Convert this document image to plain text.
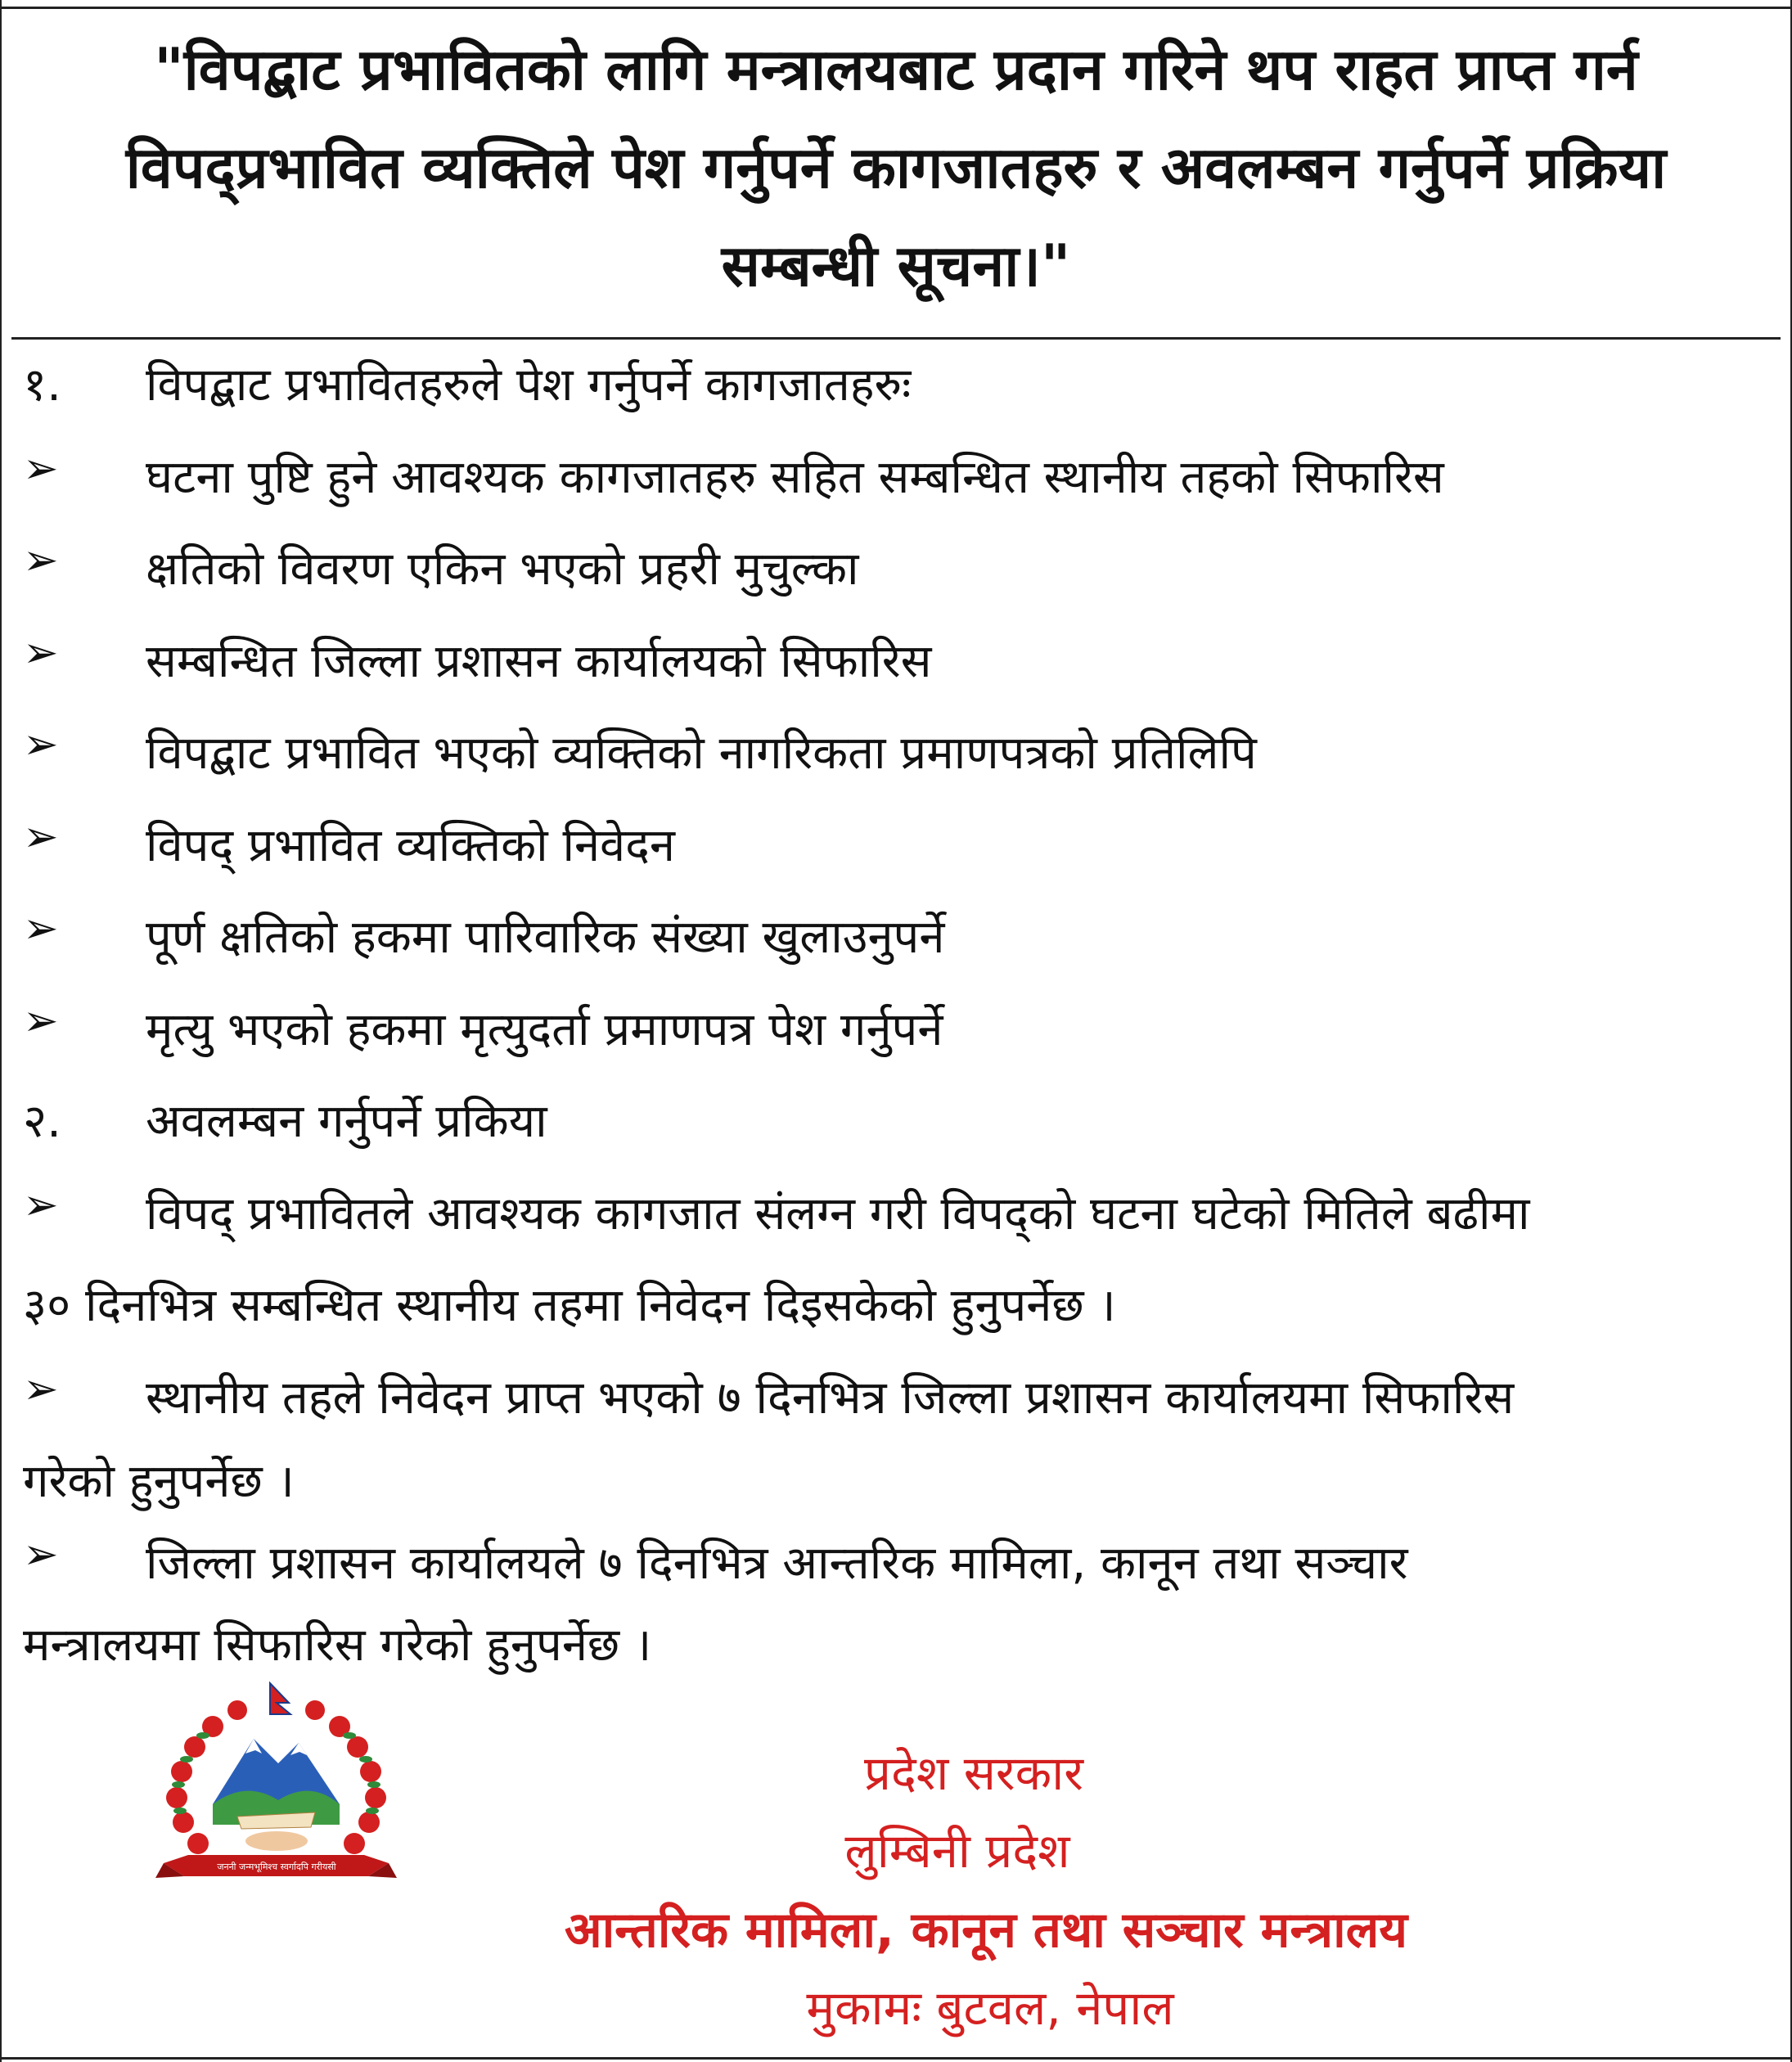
"विपद्बाट प्रभावितको लागि मन्त्रालयबाट प्रदान गरिने थप राहत प्राप्त गर्न
विपद्प्रभावित व्यक्तिले पेश गर्नुपर्ने कागजातहरु र अवलम्बन गर्नुपर्ने प्रक्रिया
सम्बन्धी सूचना।"
१.	विपद्बाट प्रभावितहरुले पेश गर्नुपर्ने कागजातहरुः
➢	घटना पुष्टि हुने आवश्यक कागजातहरु सहित सम्बन्धित स्थानीय तहको सिफारिस
➢	क्षतिको विवरण एकिन भएको प्रहरी मुचुल्का
➢	सम्बन्धित जिल्ला प्रशासन कार्यालयको सिफारिस
➢	विपद्बाट प्रभावित भएको व्यक्तिको नागरिकता प्रमाणपत्रको प्रतिलिपि
➢	विपद् प्रभावित व्यक्तिको निवेदन
➢	पूर्ण क्षतिको हकमा पारिवारिक संख्या खुलाउनुपर्ने
➢	मृत्यु भएको हकमा मृत्युदर्ता प्रमाणपत्र पेश गर्नुपर्ने
२.	अवलम्बन गर्नुपर्ने प्रकिया
➢	विपद् प्रभावितले आवश्यक कागजात संलग्न गरी विपद्को घटना घटेको मितिले बढीमा
३० दिनभित्र सम्बन्धित स्थानीय तहमा निवेदन दिइसकेको हुनुपर्नेछ ।
➢	स्थानीय तहले निवेदन प्राप्त भएको ७ दिनभित्र जिल्ला प्रशासन कार्यालयमा सिफारिस
गरेको हुनुपर्नेछ ।
➢	जिल्ला प्रशासन कार्यालयले ७ दिनभित्र आन्तरिक मामिला, कानून तथा सञ्चार
मन्त्रालयमा सिफारिस गरेको हुनुपर्नेछ ।
जननी जन्मभूमिश्च स्वर्गादपि गरीयसी
प्रदेश सरकार
लुम्बिनी प्रदेश
आन्तरिक मामिला, कानून तथा सञ्चार मन्त्रालय
मुकामः बुटवल, नेपाल
